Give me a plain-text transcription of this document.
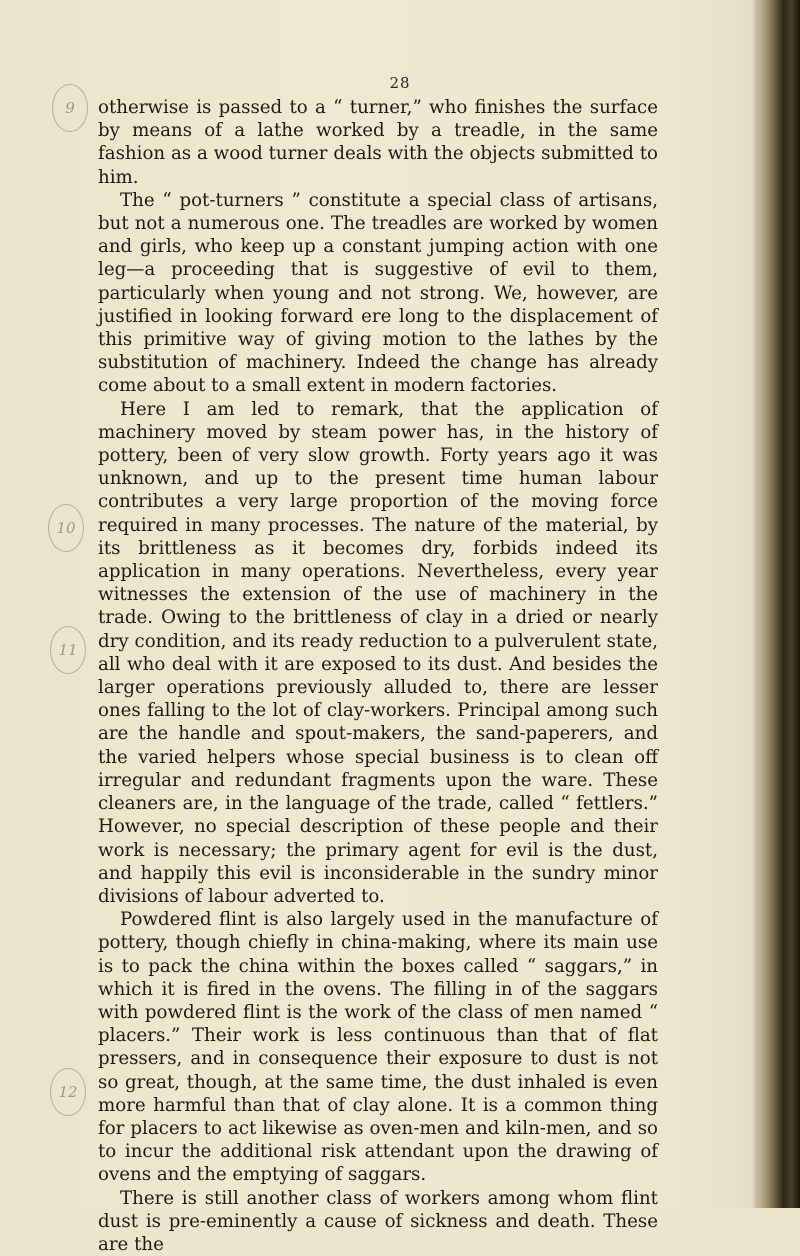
9
10
11
12
28

otherwise is passed to a “ turner,” who finishes the surface by means of a lathe worked by a treadle, in the same fashion as a wood turner deals with the objects submitted to him.

The “ pot-turners ” constitute a special class of artisans, but not a numerous one. The treadles are worked by women and girls, who keep up a constant jumping action with one leg—a proceeding that is suggestive of evil to them, particularly when young and not strong. We, however, are justified in looking forward ere long to the displacement of this primitive way of giving motion to the lathes by the substitution of machinery. Indeed the change has already come about to a small extent in modern factories.

Here I am led to remark, that the application of machinery moved by steam power has, in the history of pottery, been of very slow growth. Forty years ago it was unknown, and up to the present time human labour contributes a very large proportion of the moving force required in many processes. The nature of the material, by its brittleness as it becomes dry, forbids indeed its application in many operations. Nevertheless, every year witnesses the extension of the use of machinery in the trade. Owing to the brittleness of clay in a dried or nearly dry condition, and its ready reduction to a pulverulent state, all who deal with it are exposed to its dust. And besides the larger operations previously alluded to, there are lesser ones falling to the lot of clay-workers. Principal among such are the handle and spout-makers, the sand-paperers, and the varied helpers whose special business is to clean off irregular and redundant fragments upon the ware. These cleaners are, in the language of the trade, called “ fettlers.” However, no special description of these people and their work is necessary; the primary agent for evil is the dust, and happily this evil is inconsiderable in the sundry minor divisions of labour adverted to.

Powdered flint is also largely used in the manufacture of pottery, though chiefly in china-making, where its main use is to pack the china within the boxes called “ saggars,” in which it is fired in the ovens. The filling in of the saggars with powdered flint is the work of the class of men named “ placers.” Their work is less continuous than that of flat pressers, and in consequence their exposure to dust is not so great, though, at the same time, the dust inhaled is even more harmful than that of clay alone. It is a common thing for placers to act likewise as oven-men and kiln-men, and so to incur the additional risk attendant upon the drawing of ovens and the emptying of saggars.

There is still another class of workers among whom flint dust is pre-eminently a cause of sickness and death. These are the
